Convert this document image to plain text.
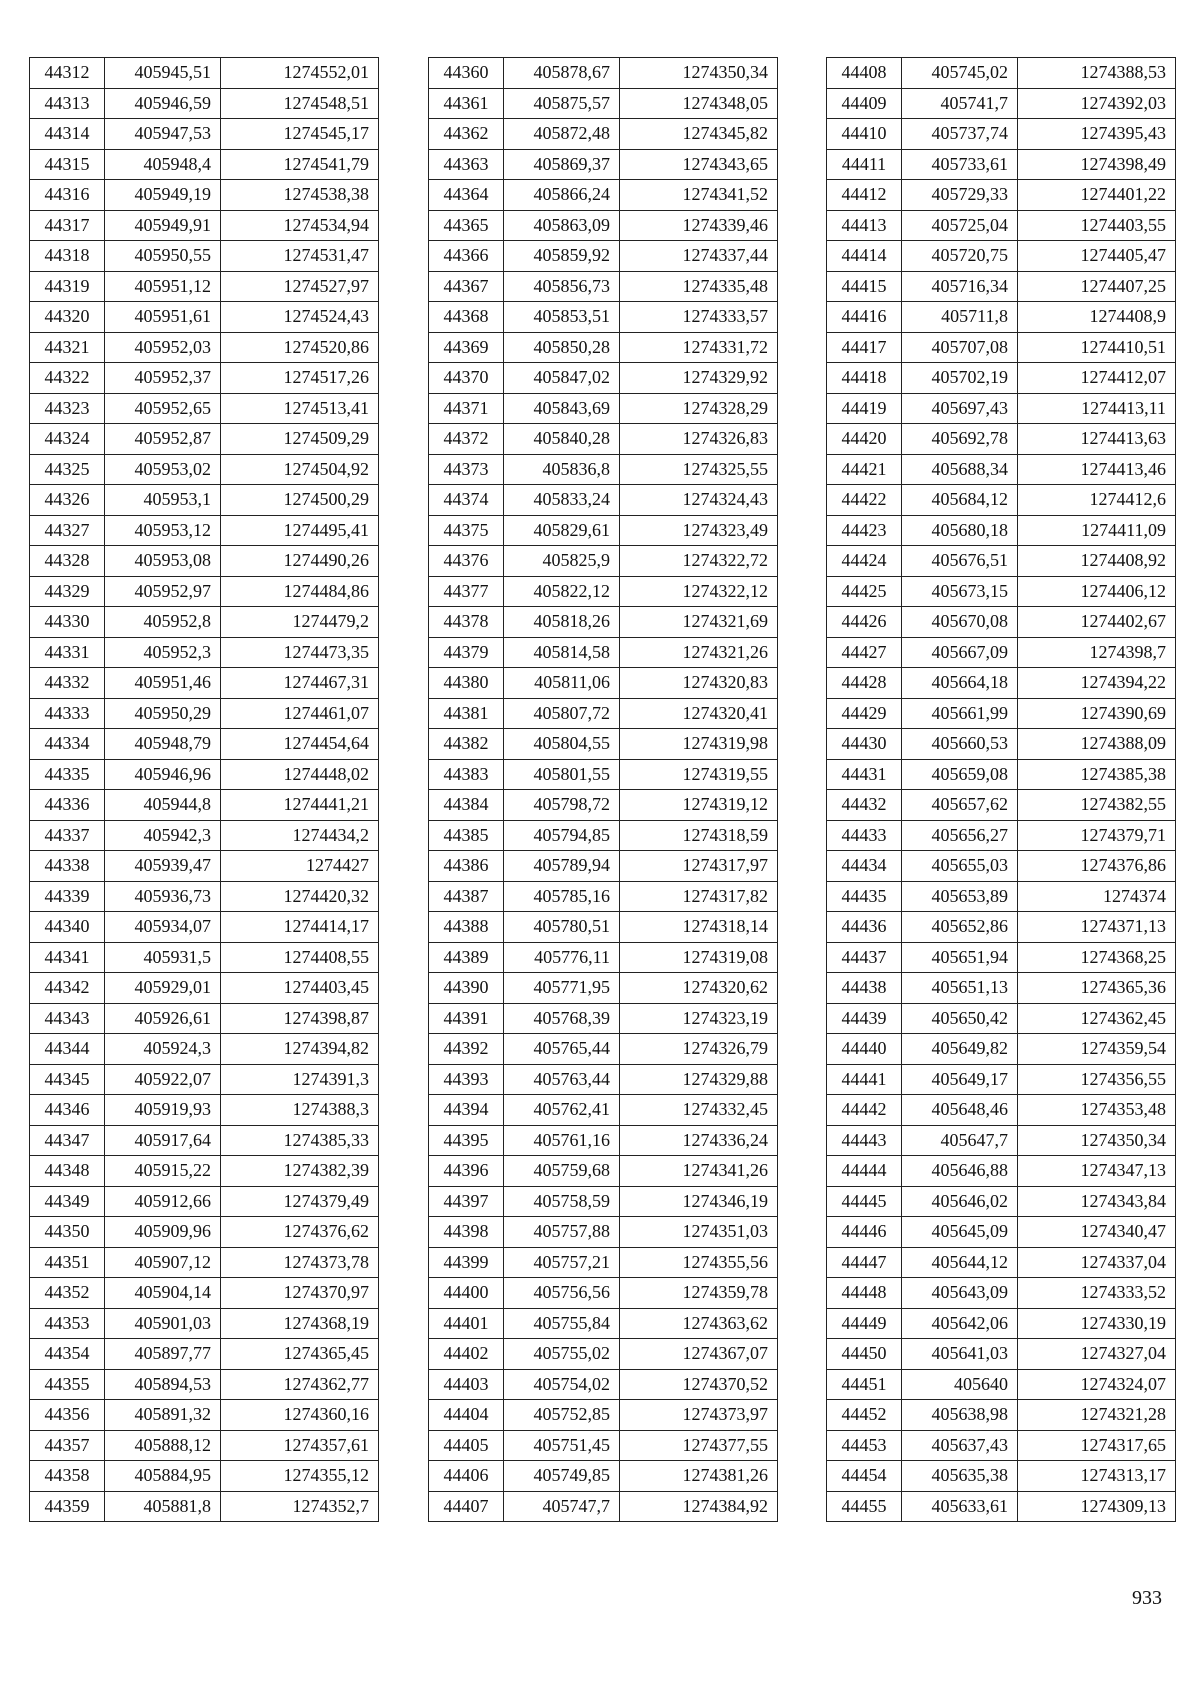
44312	405945,51	1274552,01
44313	405946,59	1274548,51
44314	405947,53	1274545,17
44315	405948,4	1274541,79
44316	405949,19	1274538,38
44317	405949,91	1274534,94
44318	405950,55	1274531,47
44319	405951,12	1274527,97
44320	405951,61	1274524,43
44321	405952,03	1274520,86
44322	405952,37	1274517,26
44323	405952,65	1274513,41
44324	405952,87	1274509,29
44325	405953,02	1274504,92
44326	405953,1	1274500,29
44327	405953,12	1274495,41
44328	405953,08	1274490,26
44329	405952,97	1274484,86
44330	405952,8	1274479,2
44331	405952,3	1274473,35
44332	405951,46	1274467,31
44333	405950,29	1274461,07
44334	405948,79	1274454,64
44335	405946,96	1274448,02
44336	405944,8	1274441,21
44337	405942,3	1274434,2
44338	405939,47	1274427
44339	405936,73	1274420,32
44340	405934,07	1274414,17
44341	405931,5	1274408,55
44342	405929,01	1274403,45
44343	405926,61	1274398,87
44344	405924,3	1274394,82
44345	405922,07	1274391,3
44346	405919,93	1274388,3
44347	405917,64	1274385,33
44348	405915,22	1274382,39
44349	405912,66	1274379,49
44350	405909,96	1274376,62
44351	405907,12	1274373,78
44352	405904,14	1274370,97
44353	405901,03	1274368,19
44354	405897,77	1274365,45
44355	405894,53	1274362,77
44356	405891,32	1274360,16
44357	405888,12	1274357,61
44358	405884,95	1274355,12
44359	405881,8	1274352,7
44360	405878,67	1274350,34
44361	405875,57	1274348,05
44362	405872,48	1274345,82
44363	405869,37	1274343,65
44364	405866,24	1274341,52
44365	405863,09	1274339,46
44366	405859,92	1274337,44
44367	405856,73	1274335,48
44368	405853,51	1274333,57
44369	405850,28	1274331,72
44370	405847,02	1274329,92
44371	405843,69	1274328,29
44372	405840,28	1274326,83
44373	405836,8	1274325,55
44374	405833,24	1274324,43
44375	405829,61	1274323,49
44376	405825,9	1274322,72
44377	405822,12	1274322,12
44378	405818,26	1274321,69
44379	405814,58	1274321,26
44380	405811,06	1274320,83
44381	405807,72	1274320,41
44382	405804,55	1274319,98
44383	405801,55	1274319,55
44384	405798,72	1274319,12
44385	405794,85	1274318,59
44386	405789,94	1274317,97
44387	405785,16	1274317,82
44388	405780,51	1274318,14
44389	405776,11	1274319,08
44390	405771,95	1274320,62
44391	405768,39	1274323,19
44392	405765,44	1274326,79
44393	405763,44	1274329,88
44394	405762,41	1274332,45
44395	405761,16	1274336,24
44396	405759,68	1274341,26
44397	405758,59	1274346,19
44398	405757,88	1274351,03
44399	405757,21	1274355,56
44400	405756,56	1274359,78
44401	405755,84	1274363,62
44402	405755,02	1274367,07
44403	405754,02	1274370,52
44404	405752,85	1274373,97
44405	405751,45	1274377,55
44406	405749,85	1274381,26
44407	405747,7	1274384,92
44408	405745,02	1274388,53
44409	405741,7	1274392,03
44410	405737,74	1274395,43
44411	405733,61	1274398,49
44412	405729,33	1274401,22
44413	405725,04	1274403,55
44414	405720,75	1274405,47
44415	405716,34	1274407,25
44416	405711,8	1274408,9
44417	405707,08	1274410,51
44418	405702,19	1274412,07
44419	405697,43	1274413,11
44420	405692,78	1274413,63
44421	405688,34	1274413,46
44422	405684,12	1274412,6
44423	405680,18	1274411,09
44424	405676,51	1274408,92
44425	405673,15	1274406,12
44426	405670,08	1274402,67
44427	405667,09	1274398,7
44428	405664,18	1274394,22
44429	405661,99	1274390,69
44430	405660,53	1274388,09
44431	405659,08	1274385,38
44432	405657,62	1274382,55
44433	405656,27	1274379,71
44434	405655,03	1274376,86
44435	405653,89	1274374
44436	405652,86	1274371,13
44437	405651,94	1274368,25
44438	405651,13	1274365,36
44439	405650,42	1274362,45
44440	405649,82	1274359,54
44441	405649,17	1274356,55
44442	405648,46	1274353,48
44443	405647,7	1274350,34
44444	405646,88	1274347,13
44445	405646,02	1274343,84
44446	405645,09	1274340,47
44447	405644,12	1274337,04
44448	405643,09	1274333,52
44449	405642,06	1274330,19
44450	405641,03	1274327,04
44451	405640	1274324,07
44452	405638,98	1274321,28
44453	405637,43	1274317,65
44454	405635,38	1274313,17
44455	405633,61	1274309,13
933
